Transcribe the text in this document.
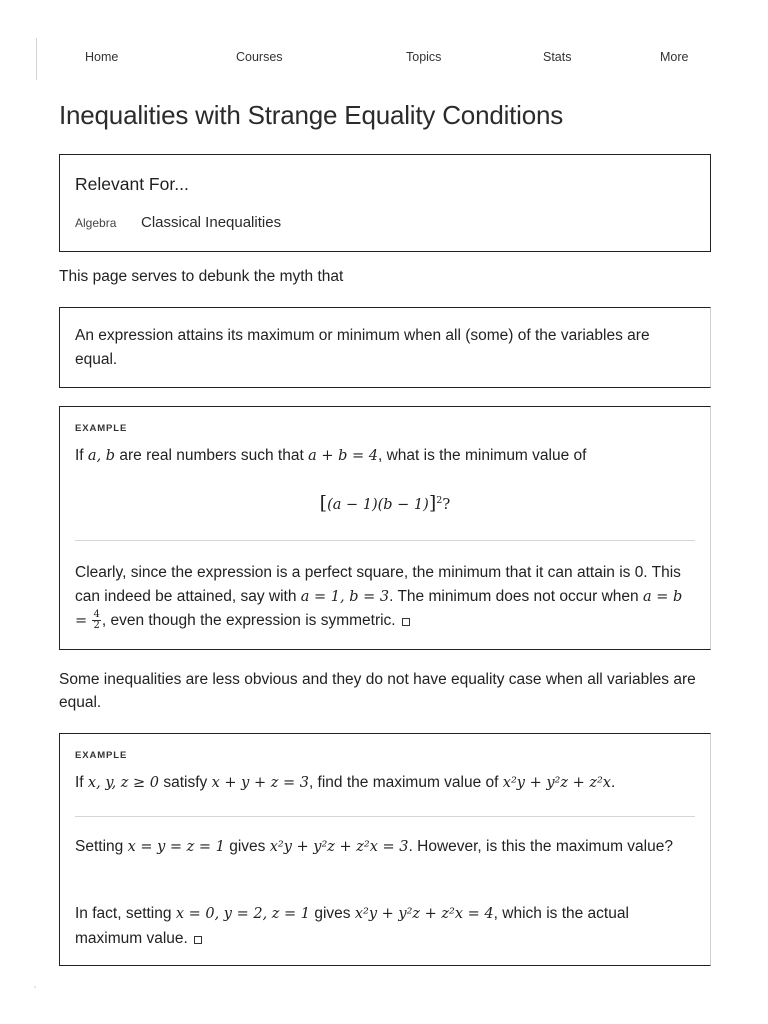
Home	Courses	Topics	Stats	More
Inequalities with Strange Equality Conditions
Relevant For...
Algebra Classical Inequalities

This page serves to debunk the myth that

An expression attains its maximum or minimum when all (some) of the variables are equal.
EXAMPLE
If a, b are real numbers such that a + b = 4, what is the minimum value of
$[(a - 1)(b - 1)]^2$?
Clearly, since the expression is a perfect square, the minimum that it can attain is 0. This can indeed be attained, say with a = 1, b = 3. The minimum does not occur when $a = b = \frac{4}{2}$ , even though the expression is symmetric.

Some inequalities are less obvious and they do not have equality case when all variables are equal.

EXAMPLE
If x, y, z ≥ 0 satisfy x + y + z = 3, find the maximum value of x²y + y²z + z²x.
Setting x = y = z = 1 gives x²y + y²z + z²x = 3. However, is this the maximum value?
In fact, setting x = 0, y = 2, z = 1 gives x²y + y²z + z²x = 4, which is the actual maximum value.
